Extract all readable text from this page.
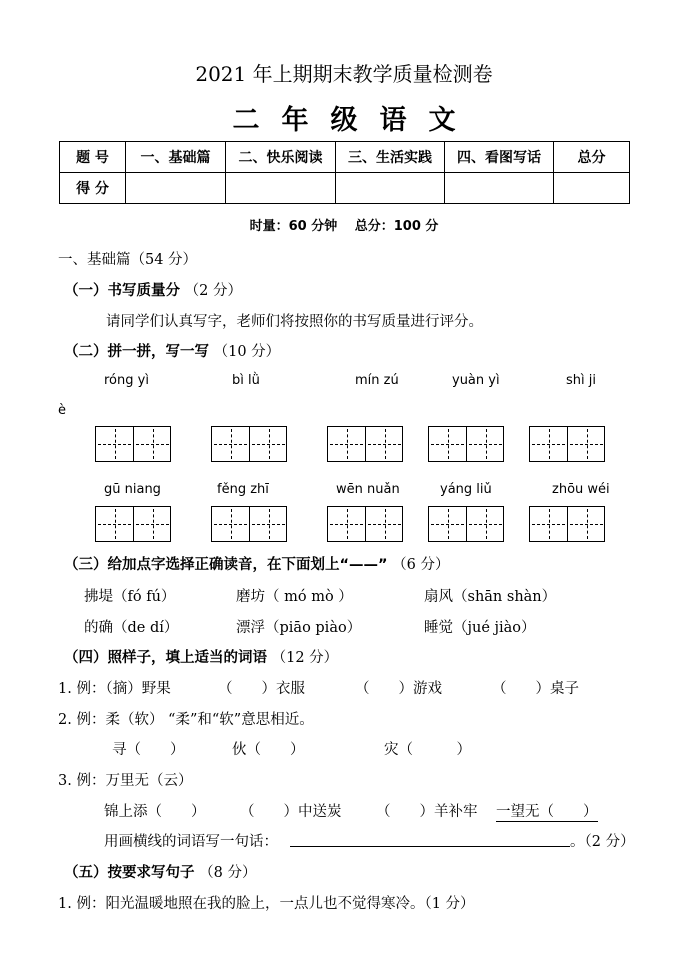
2021 年上期期末教学质量检测卷
二年级语文
题 号	一、基础篇	二、快乐阅读	三、生活实践	四、看图写话	总分
得 分					
时量：60 分钟　 总分：100 分
一、基础篇（54 分）
（一）书写质量分 （2 分）
请同学们认真写字，老师们将按照你的书写质量进行评分。
（二）拼一拼，写一写 （10 分）
róng yì	bì lǜ	mín zú	yuàn yì	shì ji
è
gū niang	fěng zhī	wēn nuǎn	yáng liǔ	zhōu wéi
（三）给加点字选择正确读音，在下面划上“——” （6 分）
拂堤（fó fú）	磨坊（ mó mò ）	扇风（shān shàn）
的确（de dí）	漂浮（piāo piào）	睡觉（jué jiào）
（四）照样子，填上适当的词语 （12 分）
1. 例：（摘）野果	（　　）衣服	（　　）游戏	（　　）桌子
2. 例：柔（软） “柔”和“软”意思相近。
寻（　　）	伙（　　）	灾（　　　）
3. 例：万里无（云）
锦上添（　　） （　　）中送炭 （　　）羊补牢 一望无（　　）
用画横线的词语写一句话：	。（2 分）
（五）按要求写句子 （8 分）
1. 例：阳光温暖地照在我的脸上，一点儿也不觉得寒冷。（1 分）
